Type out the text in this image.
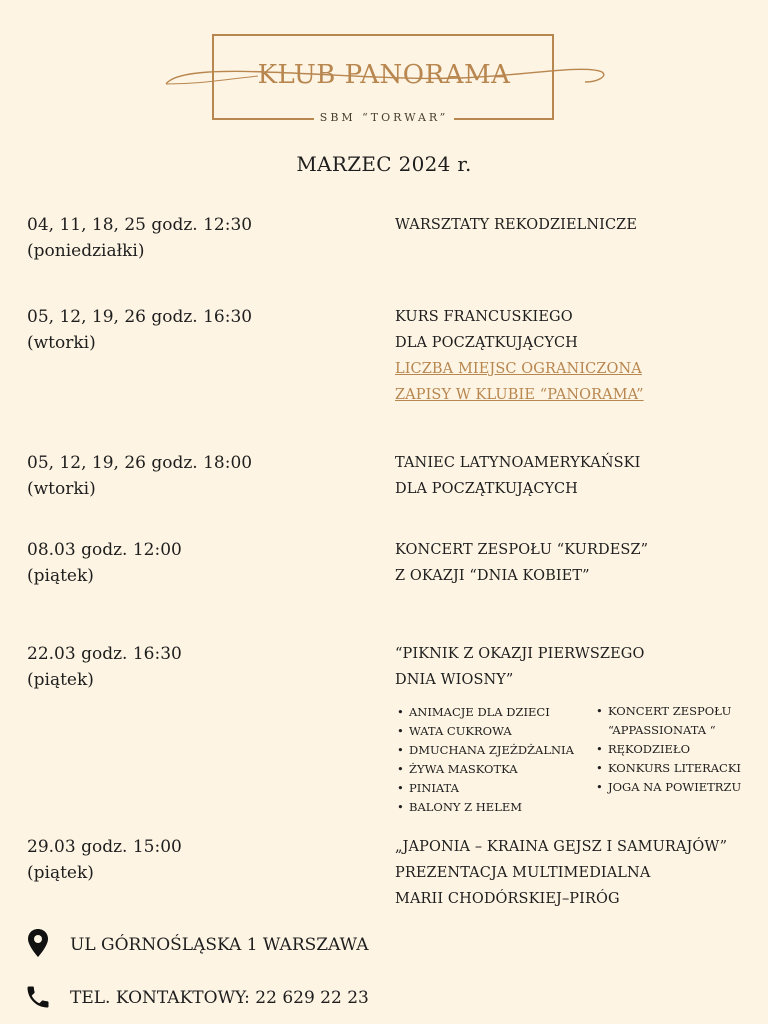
KLUB PANORAMA
SBM “TORWAR”
MARZEC 2024 r.
04, 11, 18, 25 godz. 12:30
(poniedziałki)
WARSZTATY REKODZIELNICZE
05, 12, 19, 26 godz. 16:30
(wtorki)
KURS FRANCUSKIEGO
DLA POCZĄTKUJĄCYCH
LICZBA MIEJSC OGRANICZONA
ZAPISY W KLUBIE “PANORAMA”
05, 12, 19, 26 godz. 18:00
(wtorki)
TANIEC LATYNOAMERYKAŃSKI
DLA POCZĄTKUJĄCYCH
08.03 godz. 12:00
(piątek)
KONCERT ZESPOŁU “KURDESZ”
Z OKAZJI “DNIA KOBIET”
22.03 godz. 16:30
(piątek)
“PIKNIK Z OKAZJI PIERWSZEGO
DNIA WIOSNY”
• ANIMACJE DLA DZIECI
• WATA CUKROWA
• DMUCHANA ZJEŻDŻALNIA
• ŻYWA MASKOTKA
• PINIATA
• BALONY Z HELEM
• KONCERT ZESPOŁU
“APPASSIONATA “
• RĘKODZIEŁO
• KONKURS LITERACKI
• JOGA NA POWIETRZU
29.03 godz. 15:00
(piątek)
„JAPONIA – KRAINA GEJSZ I SAMURAJÓW”
PREZENTACJA MULTIMEDIALNA
MARII CHODÓRSKIEJ–PIRÓG
UL GÓRNOŚLĄSKA 1 WARSZAWA
TEL. KONTAKTOWY: 22 629 22 23
